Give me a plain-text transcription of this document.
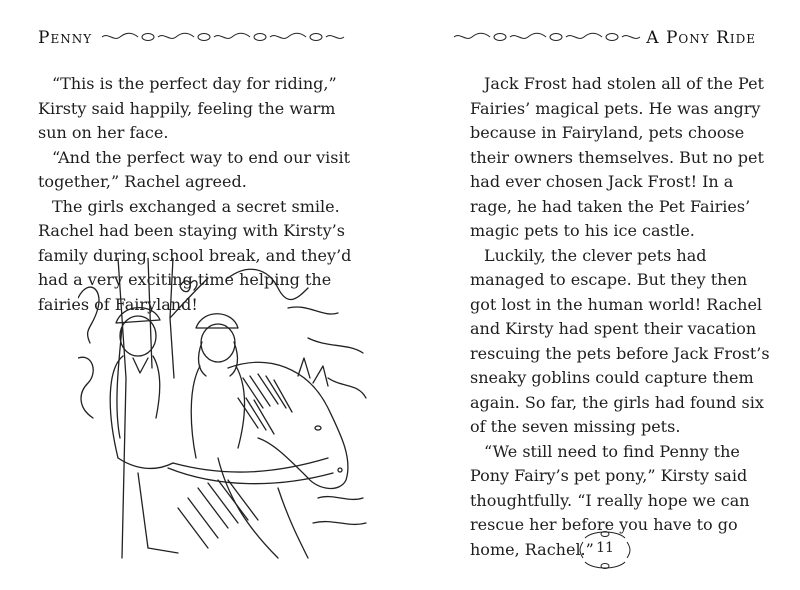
Penny

“This is the perfect day for riding,” Kirsty said happily, feeling the warm sun on her face.

“And the perfect way to end our visit together,” Rachel agreed.

The girls exchanged a secret smile. Rachel had been staying with Kirsty’s family during school break, and they’d had a very exciting time helping the fairies of Fairyland!

A Pony Ride

Jack Frost had stolen all of the Pet Fairies’ magical pets. He was angry because in Fairyland, pets choose their owners themselves. But no pet had ever chosen Jack Frost! In a rage, he had taken the Pet Fairies’ magic pets to his ice castle.

Luckily, the clever pets had managed to escape. But they then got lost in the human world! Rachel and Kirsty had spent their vacation rescuing the pets before Jack Frost’s sneaky goblins could capture them again. So far, the girls had found six of the seven missing pets.

“We still need to find Penny the Pony Fairy’s pet pony,” Kirsty said thoughtfully. “I really hope we can rescue her before you have to go home, Rachel.” 11
